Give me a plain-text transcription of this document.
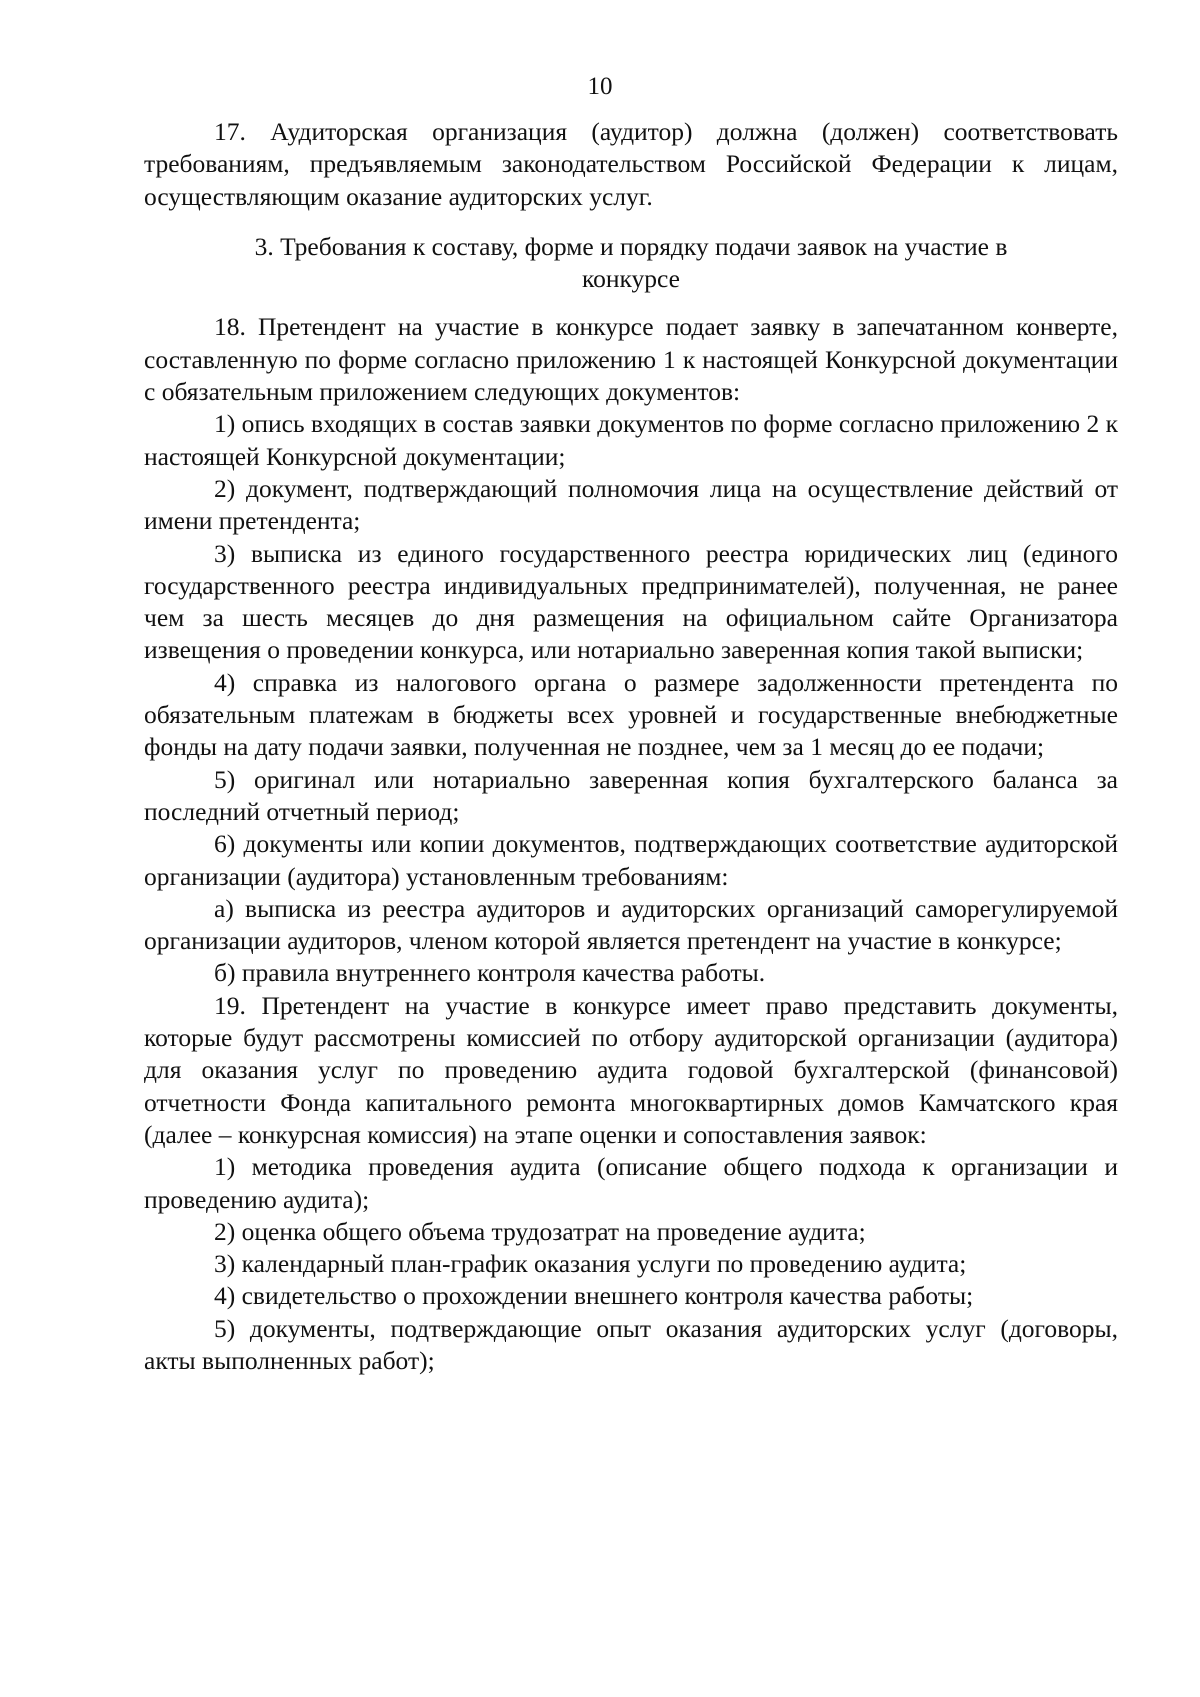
10

17. Аудиторская организация (аудитор) должна (должен) соответствовать требованиям, предъявляемым законодательством Российской Федерации к лицам, осуществляющим оказание аудиторских услуг.

3. Требования к составу, форме и порядку подачи заявок на участие в конкурсе

18. Претендент на участие в конкурсе подает заявку в запечатанном конверте, составленную по форме согласно приложению 1 к настоящей Конкурсной документации с обязательным приложением следующих документов:

1) опись входящих в состав заявки документов по форме согласно приложению 2 к настоящей Конкурсной документации;

2) документ, подтверждающий полномочия лица на осуществление действий от имени претендента;

3) выписка из единого государственного реестра юридических лиц (единого государственного реестра индивидуальных предпринимателей), полученная, не ранее чем за шесть месяцев до дня размещения на официальном сайте Организатора извещения о проведении конкурса, или нотариально заверенная копия такой выписки;

4) справка из налогового органа о размере задолженности претендента по обязательным платежам в бюджеты всех уровней и государственные внебюджетные фонды на дату подачи заявки, полученная не позднее, чем за 1 месяц до ее подачи;

5) оригинал или нотариально заверенная копия бухгалтерского баланса за последний отчетный период;

6) документы или копии документов, подтверждающих соответствие аудиторской организации (аудитора) установленным требованиям:

а) выписка из реестра аудиторов и аудиторских организаций саморегулируемой организации аудиторов, членом которой является претендент на участие в конкурсе;

б) правила внутреннего контроля качества работы.

19. Претендент на участие в конкурсе имеет право представить документы, которые будут рассмотрены комиссией по отбору аудиторской организации (аудитора) для оказания услуг по проведению аудита годовой бухгалтерской (финансовой) отчетности Фонда капитального ремонта многоквартирных домов Камчатского края (далее – конкурсная комиссия) на этапе оценки и сопоставления заявок:

1) методика проведения аудита (описание общего подхода к организации и проведению аудита);

2) оценка общего объема трудозатрат на проведение аудита;

3) календарный план-график оказания услуги по проведению аудита;

4) свидетельство о прохождении внешнего контроля качества работы;

5) документы, подтверждающие опыт оказания аудиторских услуг (договоры, акты выполненных работ);
